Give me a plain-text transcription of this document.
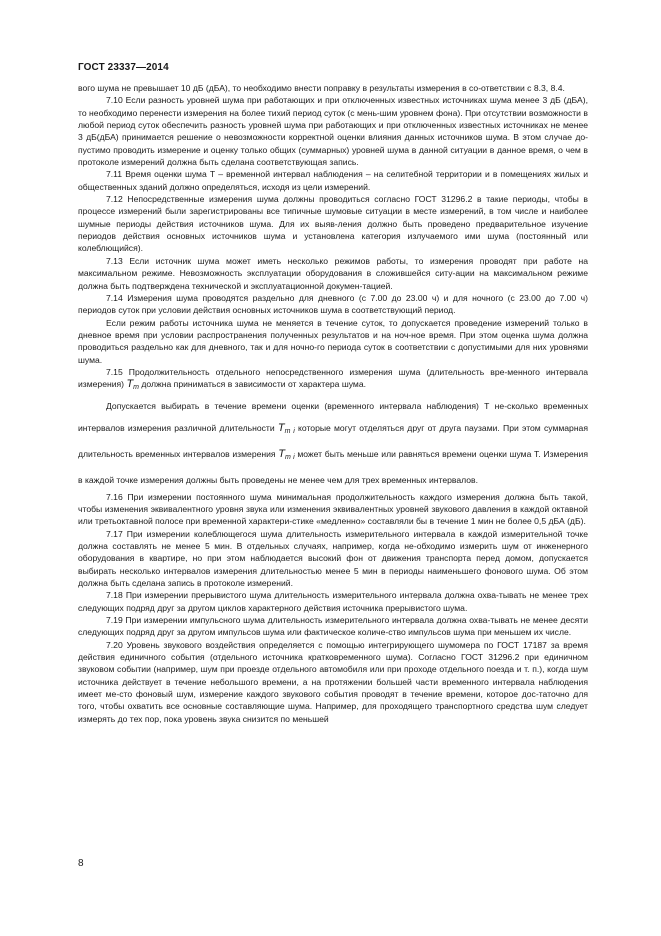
ГОСТ 23337—2014

вого шума не превышает 10 дБ (дБА), то необходимо внести поправку в результаты измерения в со-ответствии с 8.3, 8.4.

7.10 Если разность уровней шума при работающих и при отключенных известных источниках шума менее 3 дБ (дБА), то необходимо перенести измерения на более тихий период суток (с мень-шим уровнем фона). При отсутствии возможности в любой период суток обеспечить разность уровней шума при работающих и при отключенных известных источниках не менее 3 дБ(дБА) принимается решение о невозможности корректной оценки влияния данных источников шума. В этом случае до-пустимо проводить измерение и оценку только общих (суммарных) уровней шума в данной ситуации в данное время, о чем в протоколе измерений должна быть сделана соответствующая запись.

7.11 Время оценки шума Т – временной интервал наблюдения – на селитебной территории и в помещениях жилых и общественных зданий должно определяться, исходя из цели измерений.

7.12 Непосредственные измерения шума должны проводиться согласно ГОСТ 31296.2 в такие периоды, чтобы в процессе измерений были зарегистрированы все типичные шумовые ситуации в месте измерений, в том числе и наиболее шумные периоды действия источников шума. Для их выяв-ления должно быть проведено предварительное изучение периодов действия основных источников шума и установлена категория излучаемого ими шума (постоянный или колеблющийся).

7.13 Если источник шума может иметь несколько режимов работы, то измерения проводят при работе на максимальном режиме. Невозможность эксплуатации оборудования в сложившейся ситу-ации на максимальном режиме должна быть подтверждена технической и эксплуатационной докумен-тацией.

7.14 Измерения шума проводятся раздельно для дневного (с 7.00 до 23.00 ч) и для ночного (с 23.00 до 7.00 ч) периодов суток при условии действия основных источников шума в соответствующий период.

Если режим работы источника шума не меняется в течение суток, то допускается проведение измерений только в дневное время при условии распространения полученных результатов и на ноч-ное время. При этом оценка шума должна проводиться раздельно как для дневного, так и для ночно-го периода суток в соответствии с допустимыми для них уровнями шума.

7.15 Продолжительность отдельного непосредственного измерения шума (длительность вре-менного интервала измерения) $T_m$ должна приниматься в зависимости от характера шума.

Допускается выбирать в течение времени оценки (временного интервала наблюдения) Т не-сколько временных интервалов измерения различной длительности $T_{m i}$ которые могут отделяться друг от друга паузами. При этом суммарная длительность временных интервалов измерения $T_{m i}$ может быть меньше или равняться времени оценки шума Т. Измерения в каждой точке измерения должны быть проведены не менее чем для трех временных интервалов.

7.16 При измерении постоянного шума минимальная продолжительность каждого измерения должна быть такой, чтобы изменения эквивалентного уровня звука или изменения эквивалентных уровней звукового давления в каждой октавной или третьоктавной полосе при временной характери-стике «медленно» составляли бы в течение 1 мин не более 0,5 дБА (дБ).

7.17 При измерении колеблющегося шума длительность измерительного интервала в каждой измерительной точке должна составлять не менее 5 мин. В отдельных случаях, например, когда не-обходимо измерить шум от инженерного оборудования в квартире, но при этом наблюдается высокий фон от движения транспорта перед домом, допускается выбирать несколько интервалов измерения длительностью менее 5 мин в периоды наименьшего фонового шума. Об этом должна быть сделана запись в протоколе измерений.

7.18 При измерении прерывистого шума длительность измерительного интервала должна охва-тывать не менее трех следующих подряд друг за другом циклов характерного действия источника прерывистого шума.

7.19 При измерении импульсного шума длительность измерительного интервала должна охва-тывать не менее десяти следующих подряд друг за другом импульсов шума или фактическое количе-ство импульсов шума при меньшем их числе.

7.20 Уровень звукового воздействия определяется с помощью интегрирующего шумомера по ГОСТ 17187 за время действия единичного события (отдельного источника кратковременного шума). Согласно ГОСТ 31296.2 при единичном звуковом событии (например, шум при проезде отдельного автомобиля или при проходе отдельного поезда и т. п.), когда шум источника действует в течение небольшого времени, а на протяжении большей части временного интервала наблюдения имеет ме-сто фоновый шум, измерение каждого звукового события проводят в течение времени, которое дос-таточно для того, чтобы охватить все основные составляющие шума. Например, для проходящего транспортного средства шум следует измерять до тех пор, пока уровень звука снизится по меньшей

8
